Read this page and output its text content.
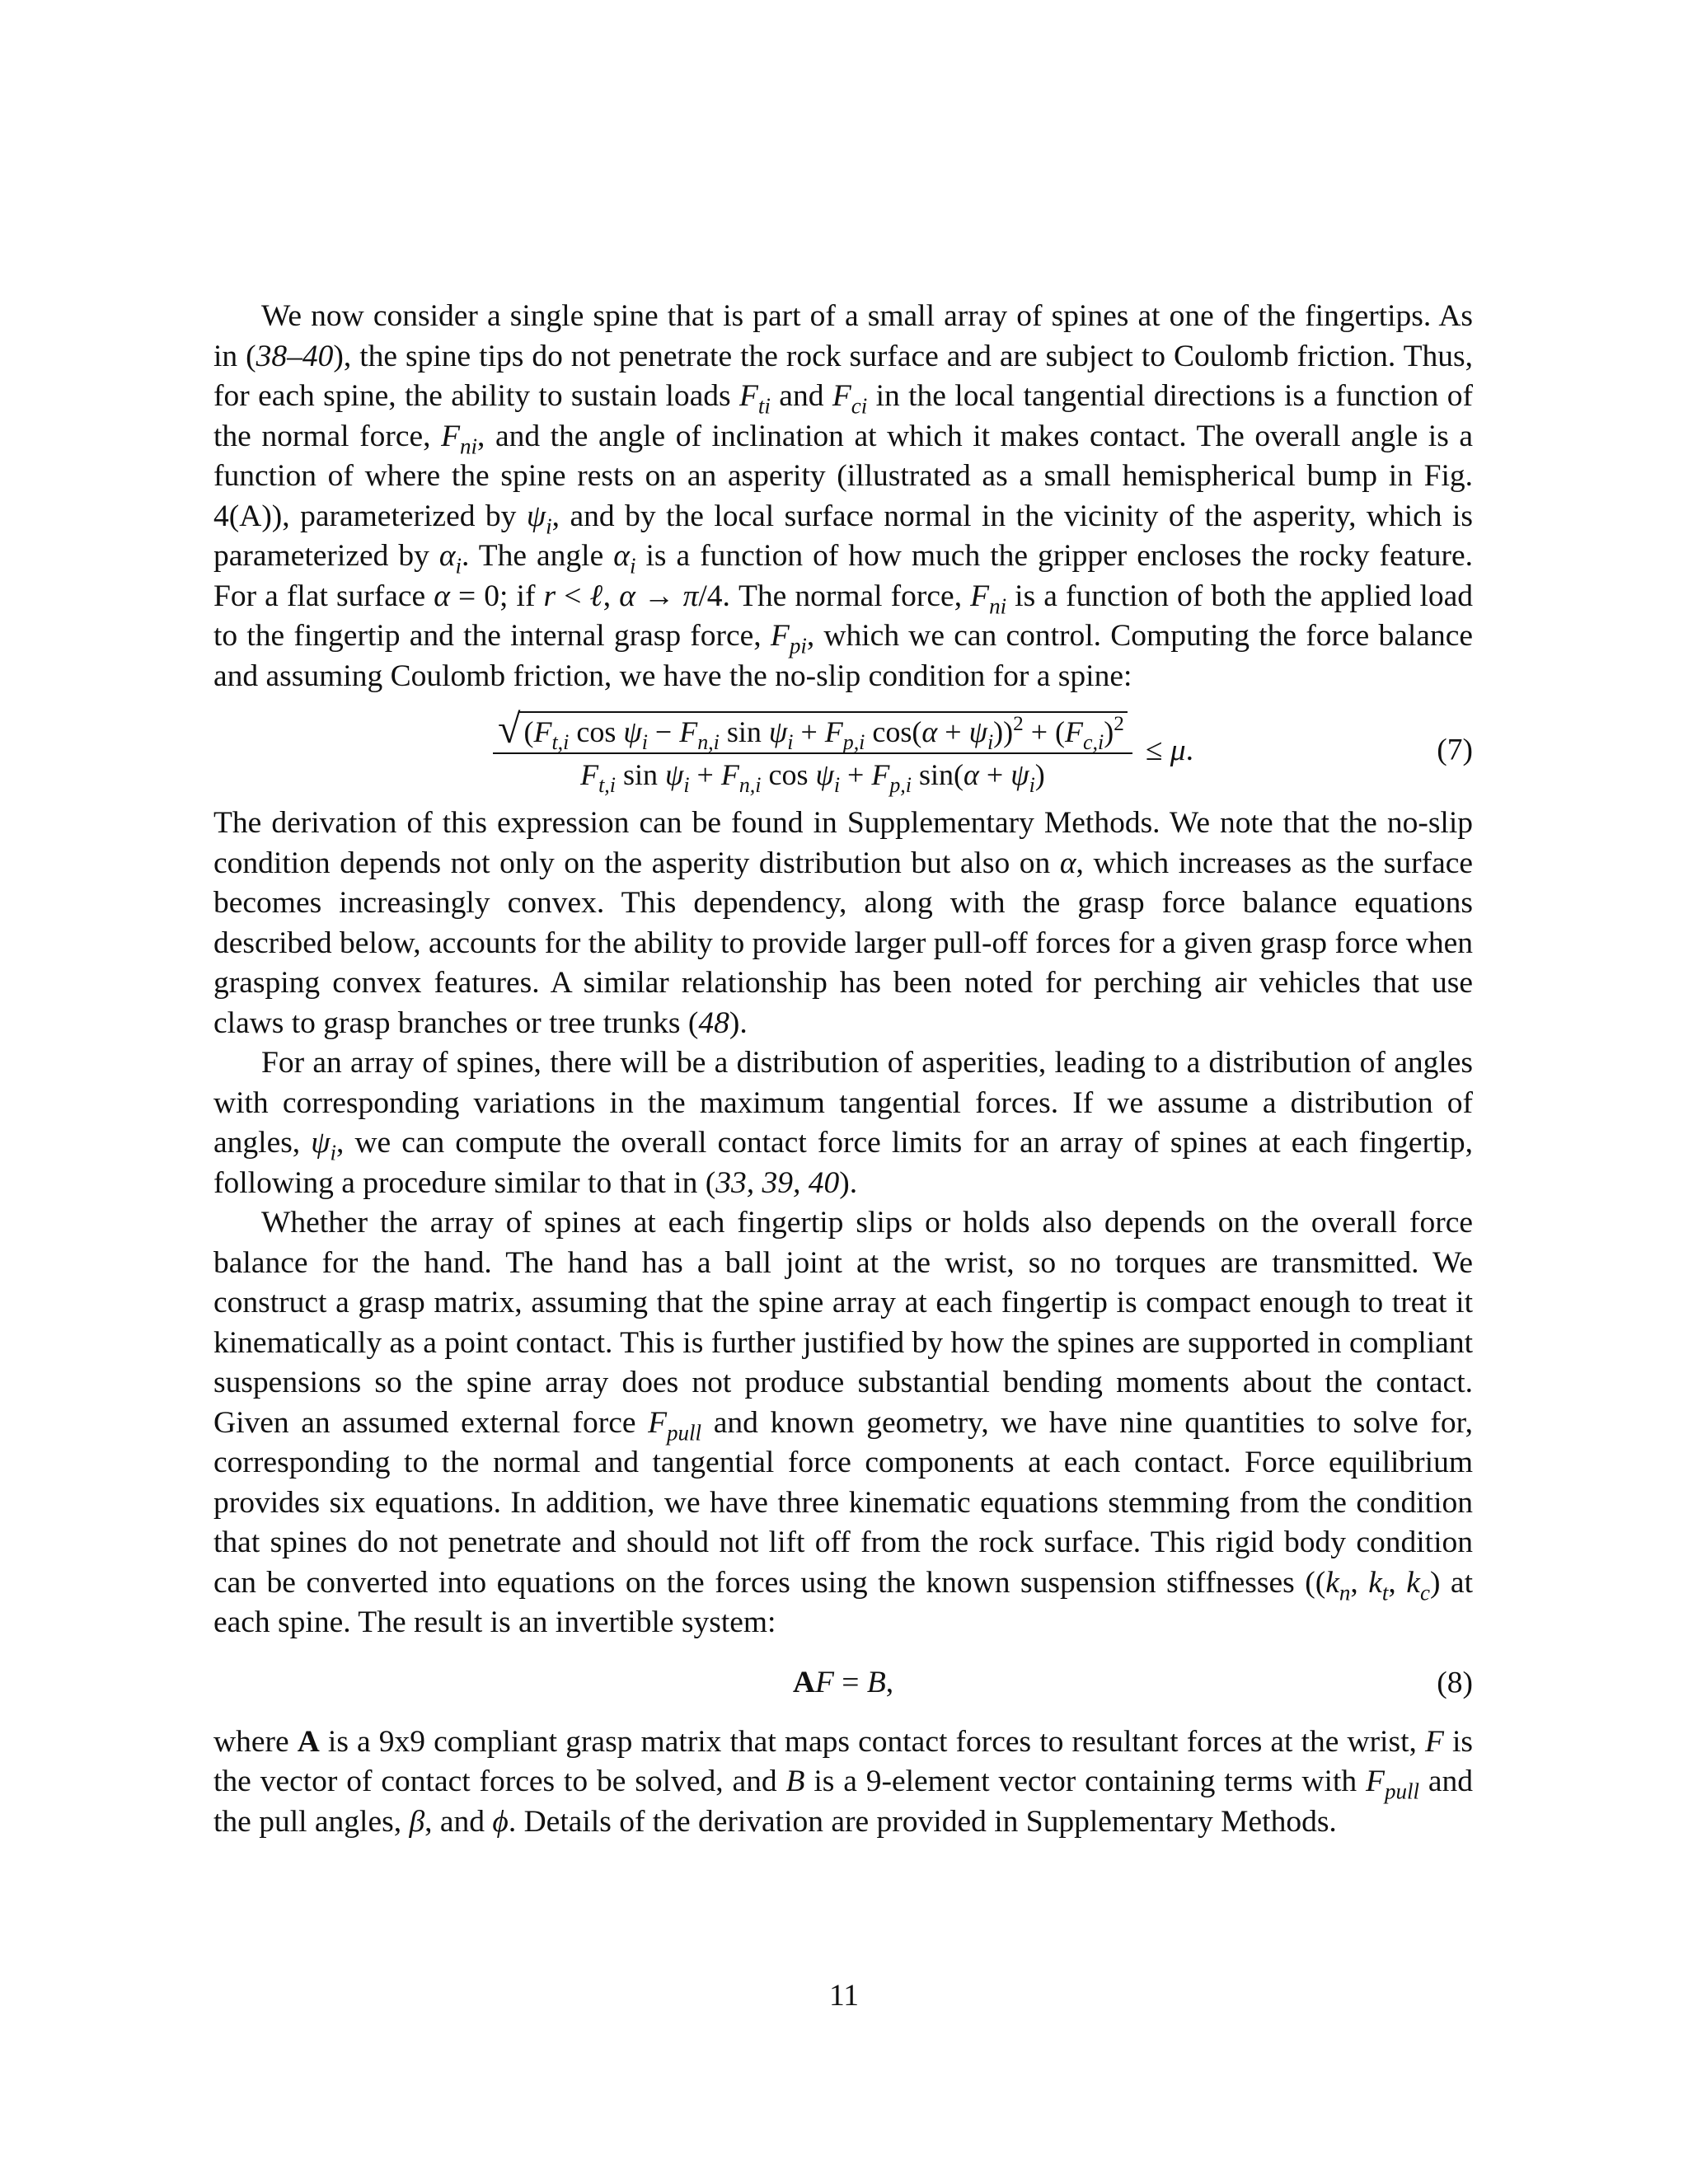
We now consider a single spine that is part of a small array of spines at one of the fingertips. As in (38–40), the spine tips do not penetrate the rock surface and are subject to Coulomb friction. Thus, for each spine, the ability to sustain loads $F_{ti}$ and $F_{ci}$ in the local tangential directions is a function of the normal force, $F_{ni}$, and the angle of inclination at which it makes contact. The overall angle is a function of where the spine rests on an asperity (illustrated as a small hemispherical bump in Fig. 4(A)), parameterized by $\psi_i$, and by the local surface normal in the vicinity of the asperity, which is parameterized by $\alpha_i$. The angle $\alpha_i$ is a function of how much the gripper encloses the rocky feature. For a flat surface α = 0; if r < ℓ, α → π/4. The normal force, $F_{ni}$ is a function of both the applied load to the fingertip and the internal grasp force, $F_{pi}$, which we can control. Computing the force balance and assuming Coulomb friction, we have the no-slip condition for a spine:

√ ($F_{t,i}$ $\cos \psi_i - F_{n,i}$ $\sin \psi_i + F_{p,i}$ $\cos(\alpha + \psi_i))^2 + (F_{c,i})^2$
$F_{t,i}$ $\sin \psi_i + F_{n,i}$ $\cos \psi_i + F_{p,i}$ $\sin(\alpha + \psi_i)$
≤ μ.	(7)

The derivation of this expression can be found in Supplementary Methods. We note that the no-slip condition depends not only on the asperity distribution but also on α, which increases as the surface becomes increasingly convex. This dependency, along with the grasp force balance equations described below, accounts for the ability to provide larger pull-off forces for a given grasp force when grasping convex features. A similar relationship has been noted for perching air vehicles that use claws to grasp branches or tree trunks (48).

For an array of spines, there will be a distribution of asperities, leading to a distribution of angles with corresponding variations in the maximum tangential forces. If we assume a distribution of angles, $\psi_i$, we can compute the overall contact force limits for an array of spines at each fingertip, following a procedure similar to that in (33, 39, 40).

Whether the array of spines at each fingertip slips or holds also depends on the overall force balance for the hand. The hand has a ball joint at the wrist, so no torques are transmitted. We construct a grasp matrix, assuming that the spine array at each fingertip is compact enough to treat it kinematically as a point contact. This is further justified by how the spines are supported in compliant suspensions so the spine array does not produce substantial bending moments about the contact. Given an assumed external force $F_{pull}$ and known geometry, we have nine quantities to solve for, corresponding to the normal and tangential force components at each contact. Force equilibrium provides six equations. In addition, we have three kinematic equations stemming from the condition that spines do not penetrate and should not lift off from the rock surface. This rigid body condition can be converted into equations on the forces using the known suspension stiffnesses (($k_n$, $k_t$, $k_c$) at each spine. The result is an invertible system:

AF = B,	(8)

where A is a 9x9 compliant grasp matrix that maps contact forces to resultant forces at the wrist, F is the vector of contact forces to be solved, and B is a 9-element vector containing terms with $F_{pull}$ and the pull angles, β, and ϕ. Details of the derivation are provided in Supplementary Methods.

11
